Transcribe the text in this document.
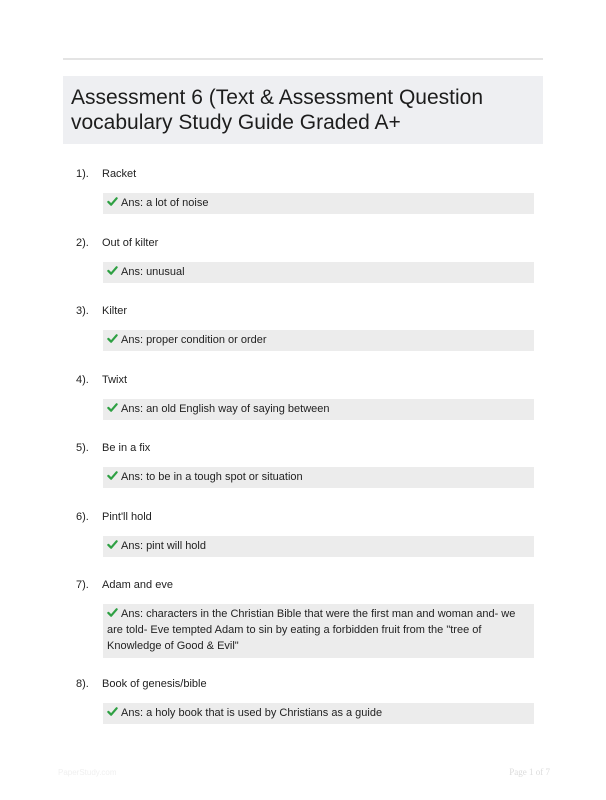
Assessment 6 (Text & Assessment Question vocabulary Study Guide Graded A+
1). Racket
Ans: a lot of noise
2). Out of kilter
Ans: unusual
3). Kilter
Ans: proper condition or order
4). Twixt
Ans: an old English way of saying between
5). Be in a fix
Ans: to be in a tough spot or situation
6). Pint'll hold
Ans: pint will hold
7). Adam and eve
Ans: characters in the Christian Bible that were the first man and woman and- we are told- Eve tempted Adam to sin by eating a forbidden fruit from the "tree of Knowledge of Good & Evil"
8). Book of genesis/bible
Ans: a holy book that is used by Christians as a guide
PaperStudy.com	Page 1 of 7
